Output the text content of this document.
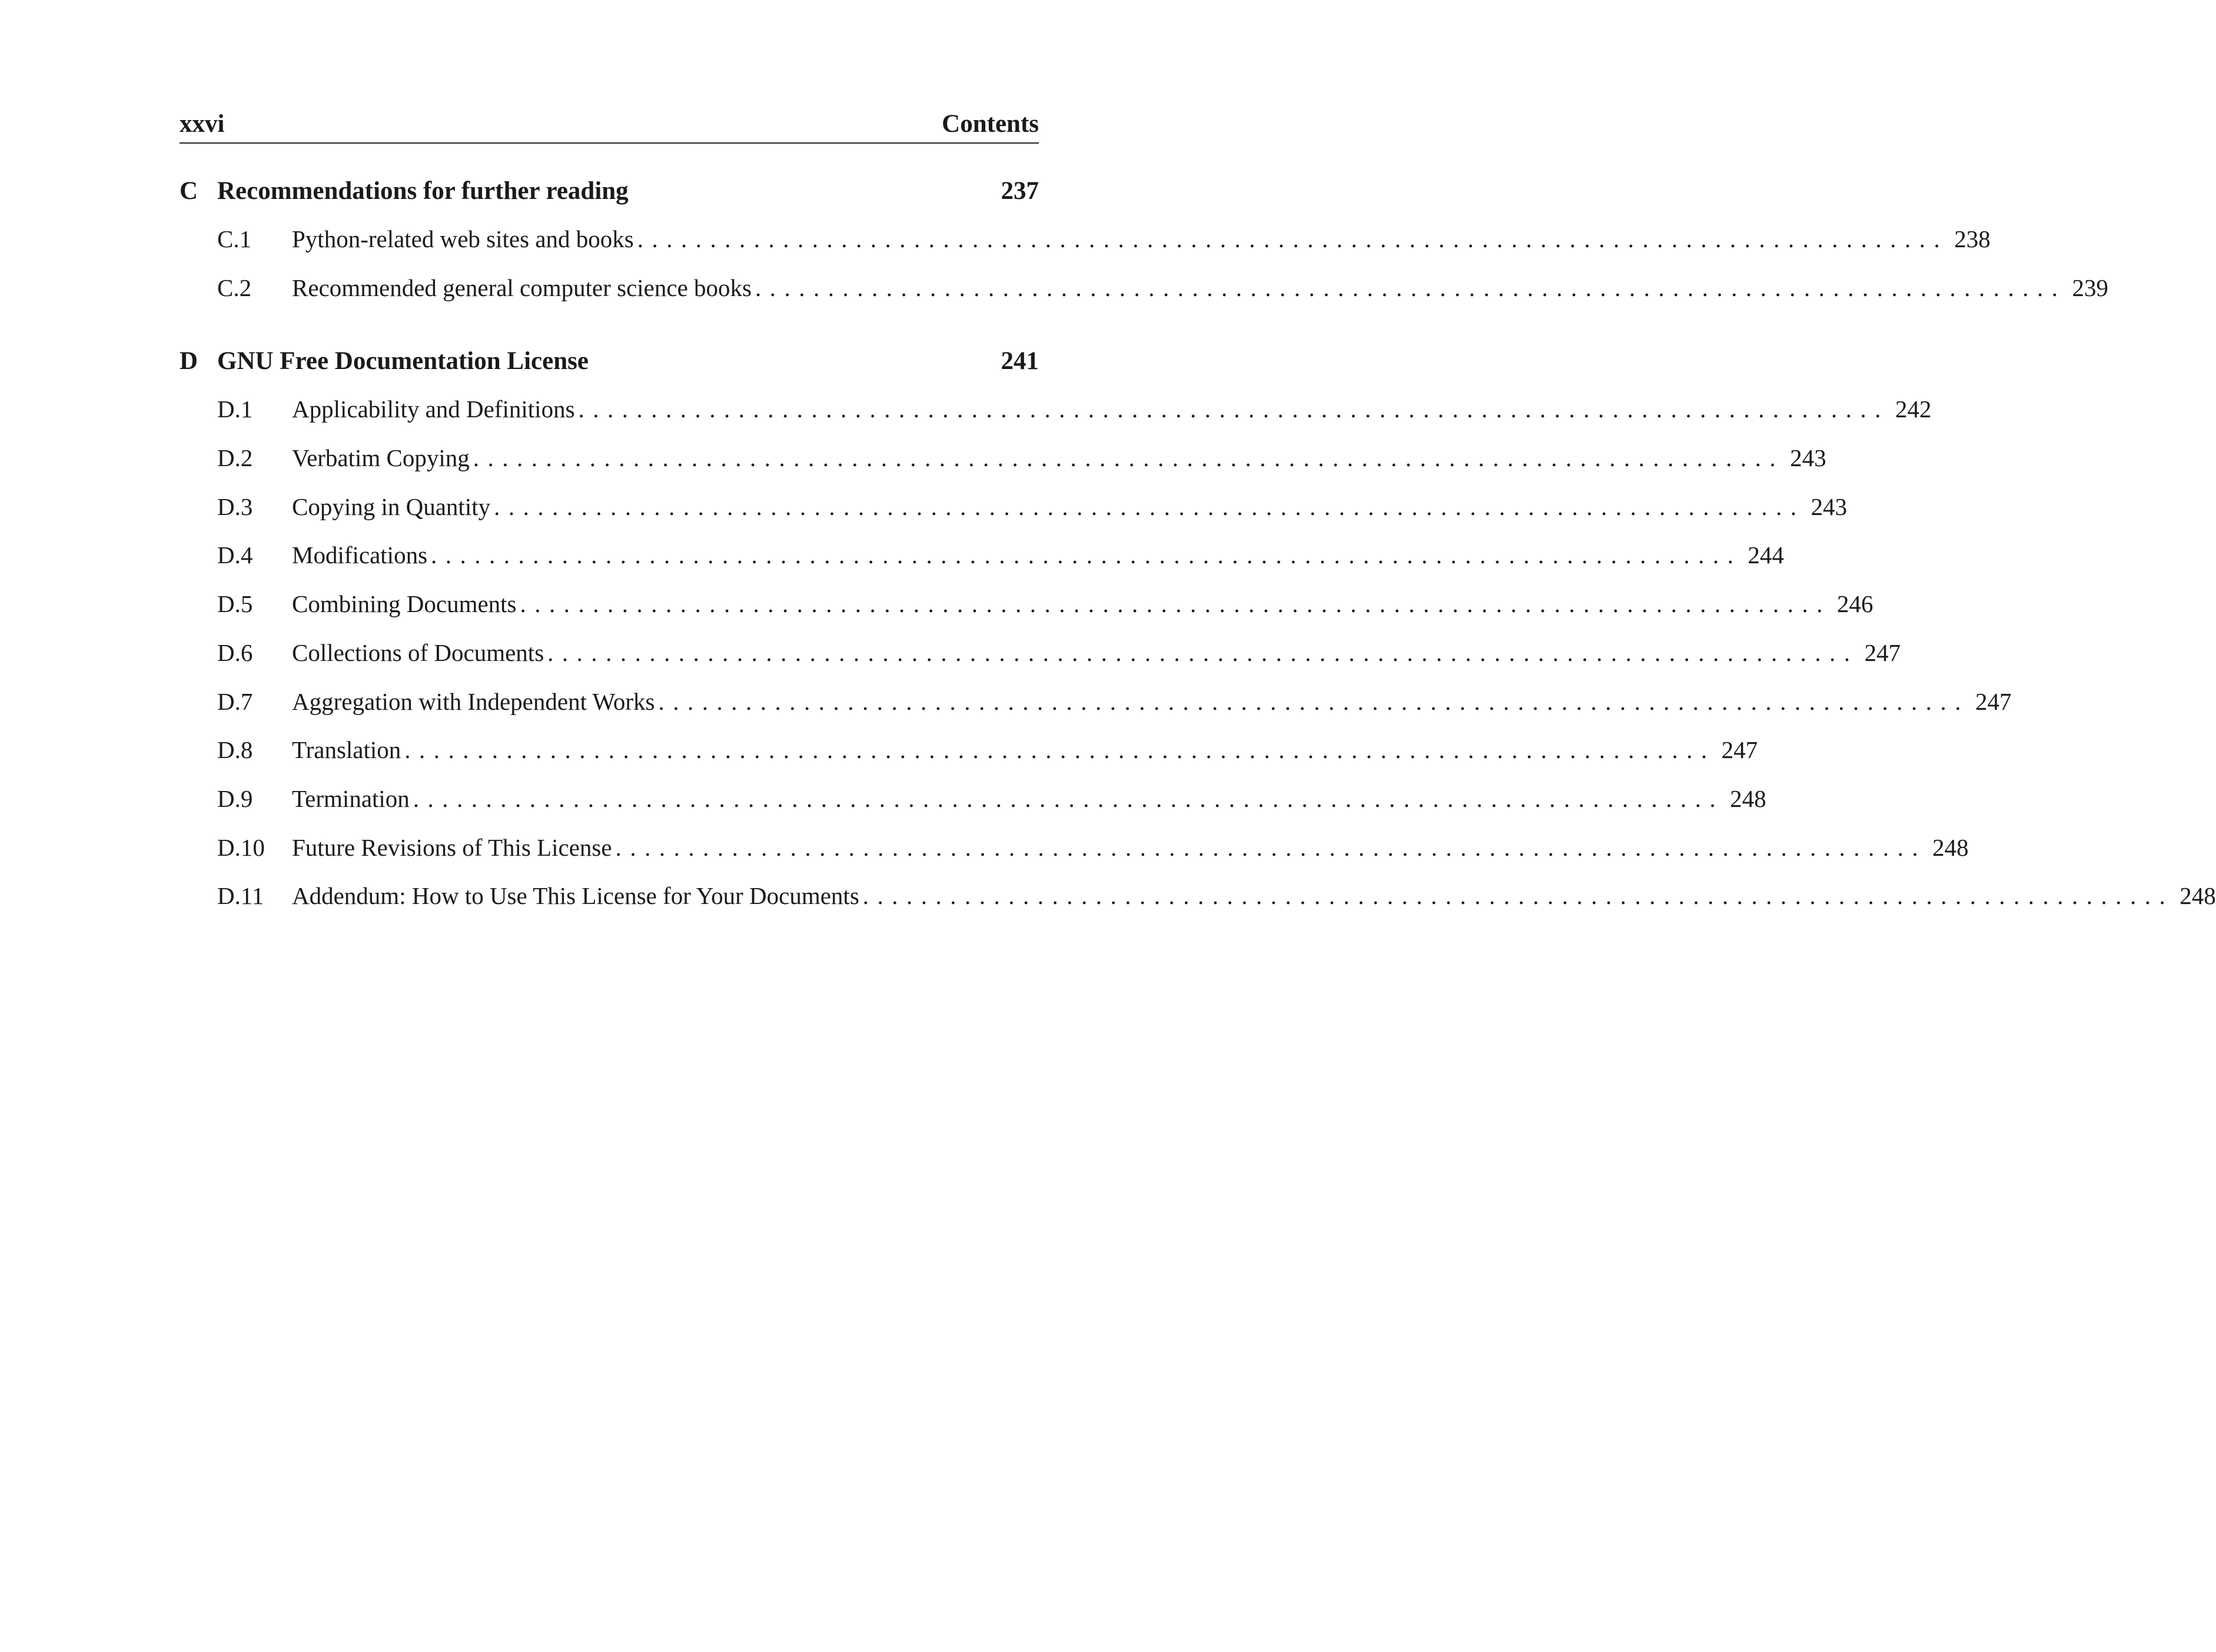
xxvi	Contents
C Recommendations for further reading	237
C.1 Python-related web sites and books .......................................................................................... 238
C.2 Recommended general computer science books .......................................................................................... 239
D GNU Free Documentation License	241
D.1 Applicability and Definitions .......................................................................................... 242
D.2 Verbatim Copying .......................................................................................... 243
D.3 Copying in Quantity .......................................................................................... 243
D.4 Modifications .......................................................................................... 244
D.5 Combining Documents .......................................................................................... 246
D.6 Collections of Documents .......................................................................................... 247
D.7 Aggregation with Independent Works .......................................................................................... 247
D.8 Translation .......................................................................................... 247
D.9 Termination .......................................................................................... 248
D.10 Future Revisions of This License .......................................................................................... 248
D.11 Addendum: How to Use This License for Your Documents .......................................................................................... 248
